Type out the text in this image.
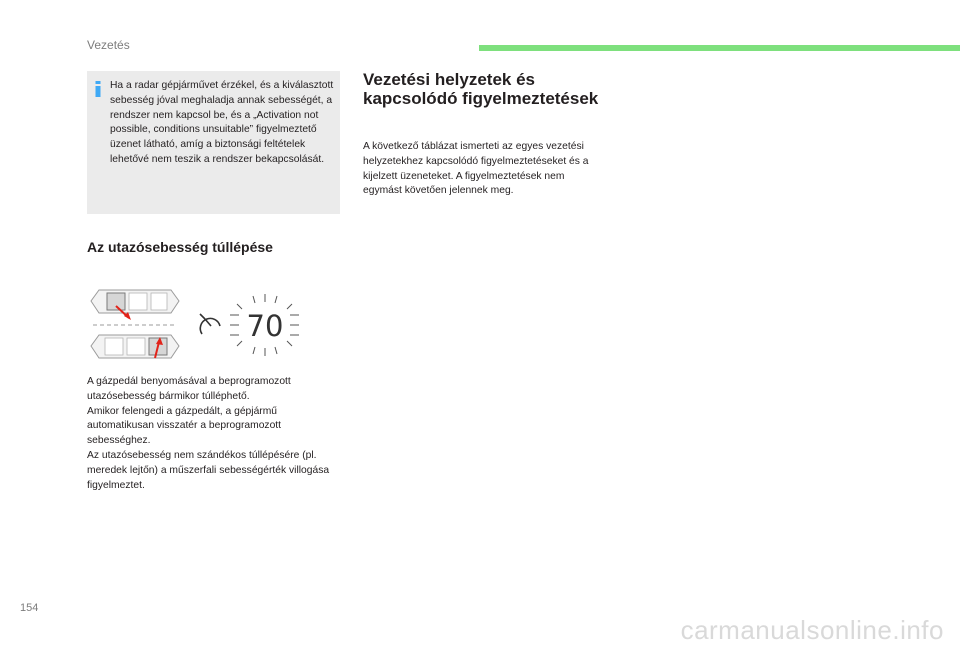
Vezetés
Ha a radar gépjárművet érzékel, és a kiválasztott sebesség jóval meghaladja annak sebességét, a rendszer nem kapcsol be, és a „Activation not possible, conditions unsuitable” figyelmeztető üzenet látható, amíg a biztonsági feltételek lehetővé nem teszik a rendszer bekapcsolását.
Az utazósebesség túllépése
70
A gázpedál benyomásával a beprogramozott utazósebesség bármikor túlléphető.
Amikor felengedi a gázpedált, a gépjármű automatikusan visszatér a beprogramozott sebességhez.
Az utazósebesség nem szándékos túllépésére (pl. meredek lejtőn) a műszerfali sebességérték villogása figyelmeztet.
Vezetési helyzetek és kapcsolódó figyelmeztetések
A következő táblázat ismerteti az egyes vezetési helyzetekhez kapcsolódó figyelmeztetéseket és a kijelzett üzeneteket. A figyelmeztetések nem egymást követően jelennek meg.
154
carmanualsonline.info
